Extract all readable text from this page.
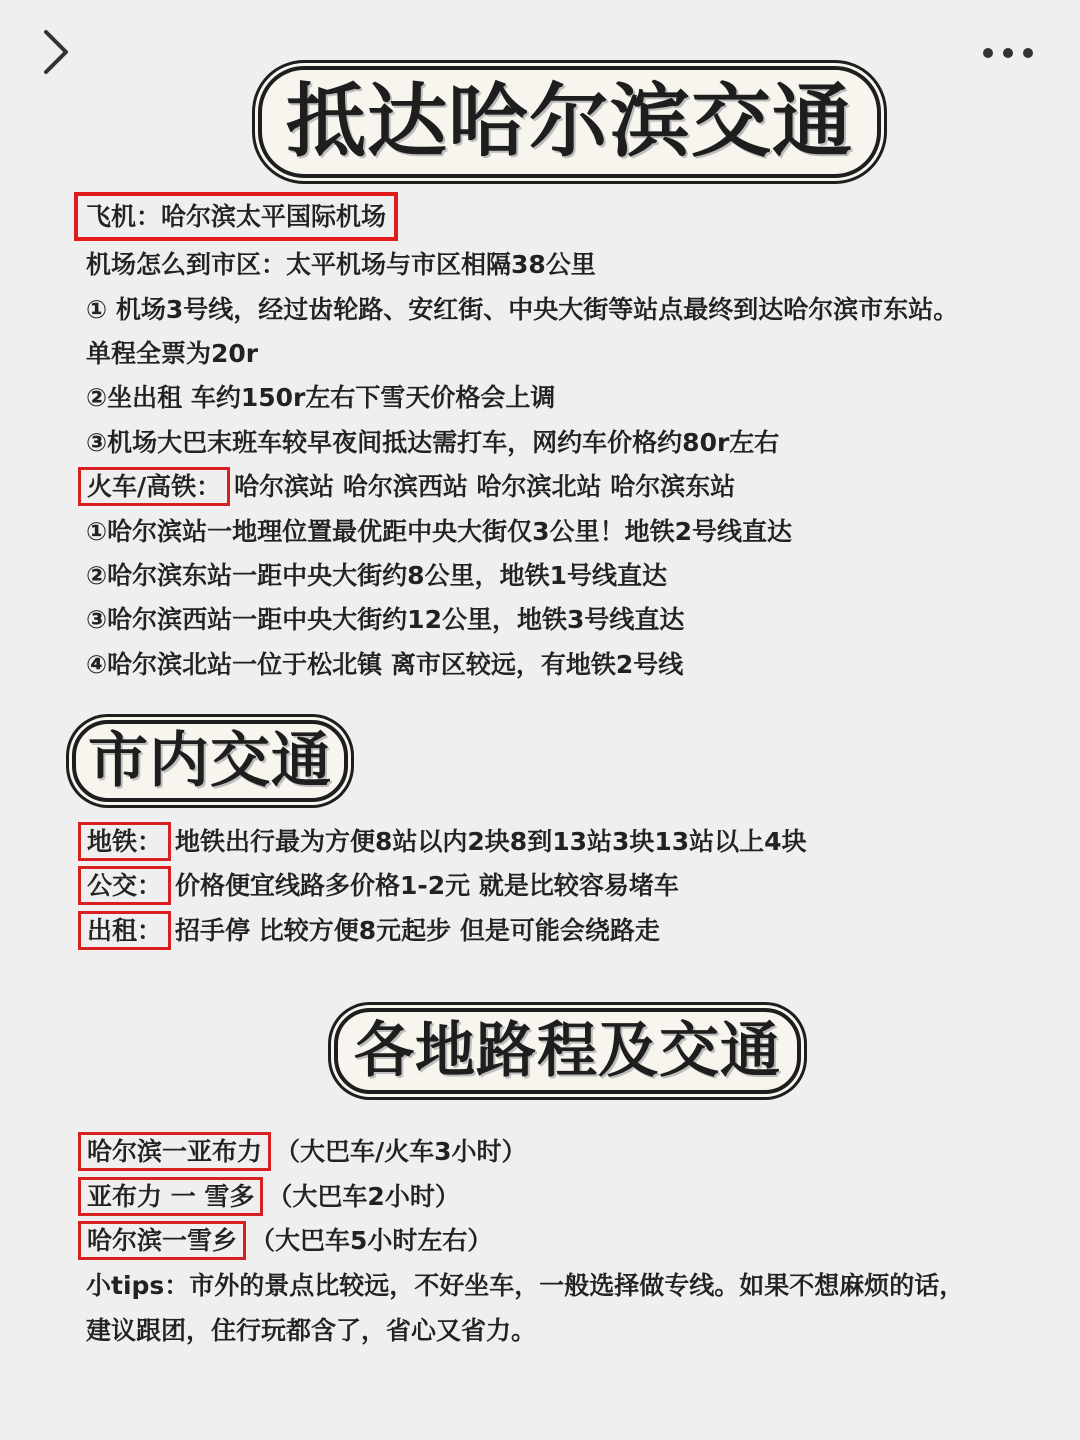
抵达哈尔滨交通
飞机：哈尔滨太平国际机场
机场怎么到市区：太平机场与市区相隔38公里
① 机场3号线，经过齿轮路、安红街、中央大街等站点最终到达哈尔滨市东站。
单程全票为20r
②坐出租 车约150r左右下雪天价格会上调
③机场大巴末班车较早夜间抵达需打车，网约车价格约80r左右
火车/高铁： 哈尔滨站 哈尔滨西站 哈尔滨北站 哈尔滨东站
①哈尔滨站一地理位置最优距中央大街仅3公里！地铁2号线直达
②哈尔滨东站一距中央大街约8公里，地铁1号线直达
③哈尔滨西站一距中央大街约12公里，地铁3号线直达
④哈尔滨北站一位于松北镇 离市区较远，有地铁2号线
市内交通
地铁： 地铁出行最为方便8站以内2块8到13站3块13站以上4块
公交： 价格便宜线路多价格1-2元 就是比较容易堵车
出租： 招手停 比较方便8元起步 但是可能会绕路走
各地路程及交通
哈尔滨一亚布力 （大巴车/火车3小时）
亚布力 一 雪多 （大巴车2小时）
哈尔滨一雪乡 （大巴车5小时左右）
小tips：市外的景点比较远，不好坐车，一般选择做专线。如果不想麻烦的话，
建议跟团，住行玩都含了，省心又省力。
